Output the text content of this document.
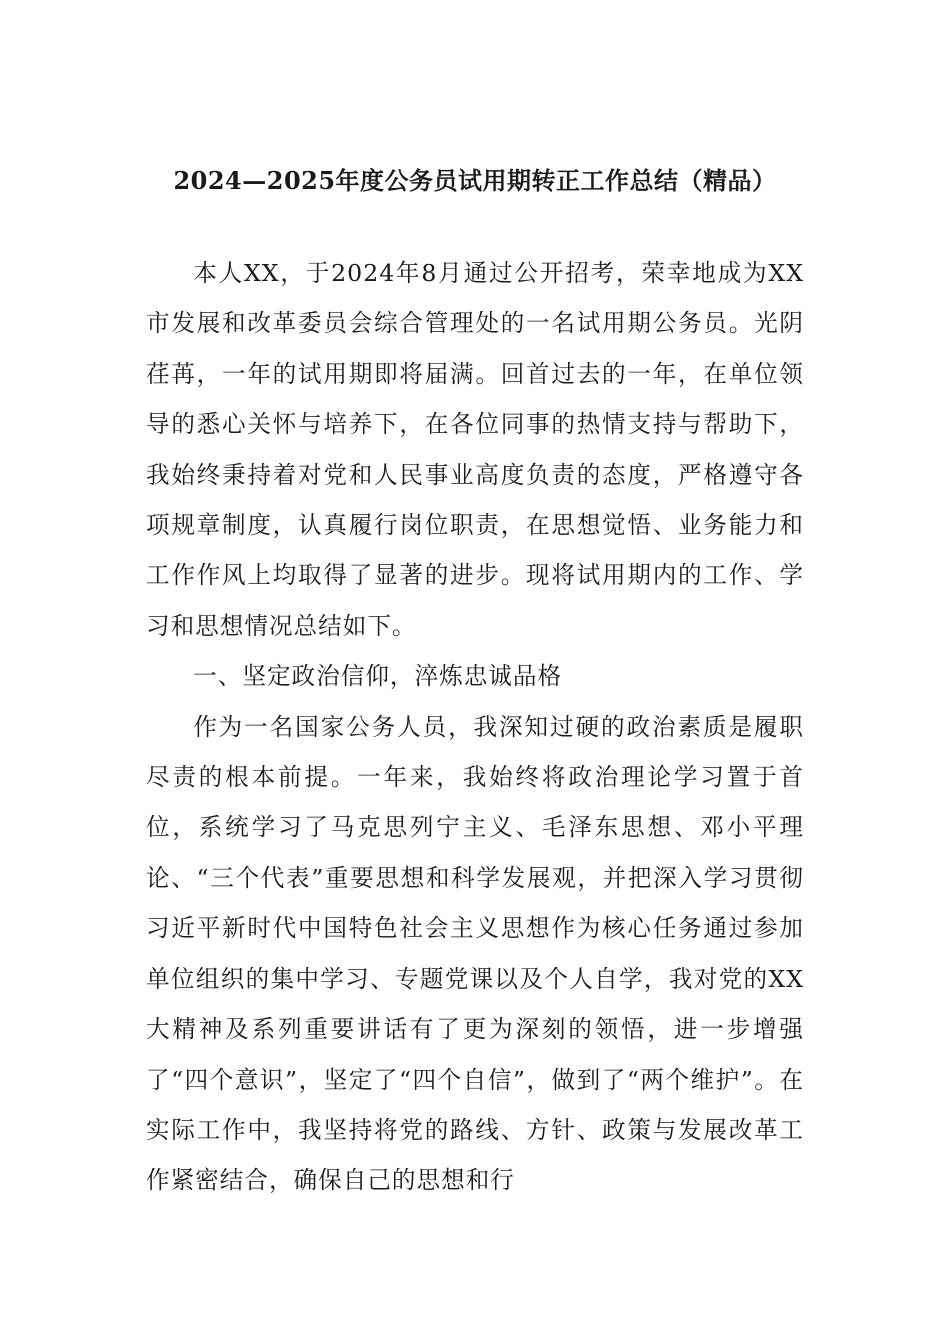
2024—2025年度公务员试用期转正工作总结（精品）

本人XX，于2024年8月通过公开招考，荣幸地成为XX市发展和改革委员会综合管理处的一名试用期公务员。光阴荏苒，一年的试用期即将届满。回首过去的一年，在单位领导的悉心关怀与培养下，在各位同事的热情支持与帮助下，我始终秉持着对党和人民事业高度负责的态度，严格遵守各项规章制度，认真履行岗位职责，在思想觉悟、业务能力和工作作风上均取得了显著的进步。现将试用期内的工作、学习和思想情况总结如下。

一、坚定政治信仰，淬炼忠诚品格

作为一名国家公务人员，我深知过硬的政治素质是履职尽责的根本前提。一年来，我始终将政治理论学习置于首位，系统学习了马克思列宁主义、毛泽东思想、邓小平理论、“三个代表”重要思想和科学发展观，并把深入学习贯彻习近平新时代中国特色社会主义思想作为核心任务通过参加单位组织的集中学习、专题党课以及个人自学，我对党的XX大精神及系列重要讲话有了更为深刻的领悟，进一步增强了“四个意识”，坚定了“四个自信”，做到了“两个维护”。在实际工作中，我坚持将党的路线、方针、政策与发展改革工作紧密结合，确保自己的思想和行
